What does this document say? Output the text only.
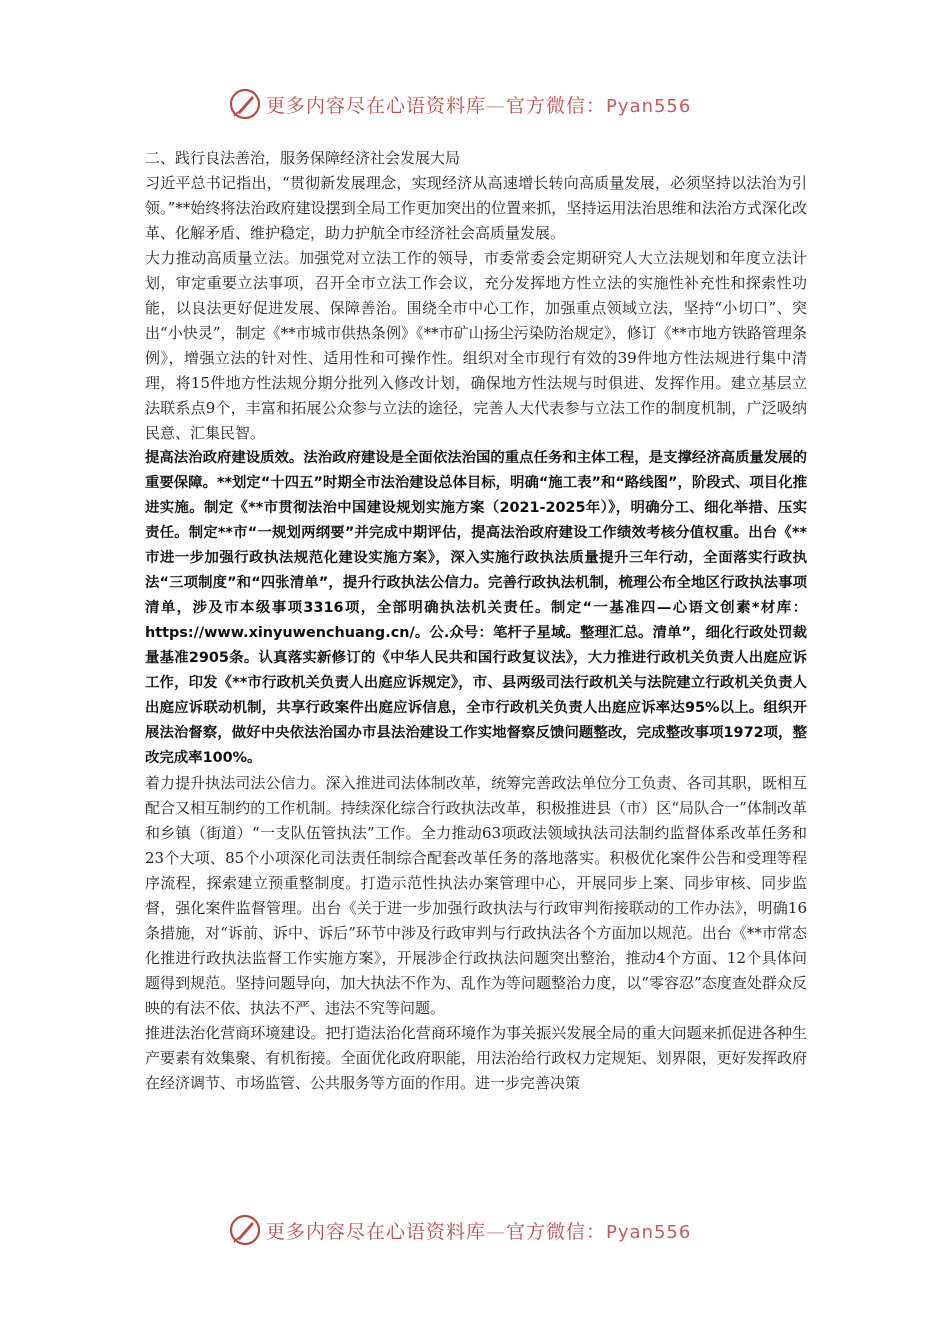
更多内容尽在心语资料库—官方微信：Pyan556

二、践行良法善治，服务保障经济社会发展大局

习近平总书记指出，“贯彻新发展理念，实现经济从高速增长转向高质量发展，必须坚持以法治为引领。”**始终将法治政府建设摆到全局工作更加突出的位置来抓，坚持运用法治思维和法治方式深化改革、化解矛盾、维护稳定，助力护航全市经济社会高质量发展。

大力推动高质量立法。加强党对立法工作的领导，市委常委会定期研究人大立法规划和年度立法计划，审定重要立法事项，召开全市立法工作会议，充分发挥地方性立法的实施性补充性和探索性功能，以良法更好促进发展、保障善治。围绕全市中心工作，加强重点领域立法，坚持“小切口”、突出“小快灵”，制定《**市城市供热条例》《**市矿山扬尘污染防治规定》，修订《**市地方铁路管理条例》，增强立法的针对性、适用性和可操作性。组织对全市现行有效的39件地方性法规进行集中清理，将15件地方性法规分期分批列入修改计划，确保地方性法规与时俱进、发挥作用。建立基层立法联系点9个，丰富和拓展公众参与立法的途径，完善人大代表参与立法工作的制度机制，广泛吸纳民意、汇集民智。

提高法治政府建设质效。法治政府建设是全面依法治国的重点任务和主体工程，是支撑经济高质量发展的重要保障。**划定“十四五”时期全市法治建设总体目标，明确“施工表”和“路线图”，阶段式、项目化推进实施。制定《**市贯彻法治中国建设规划实施方案（2021-2025年）》，明确分工、细化举措、压实责任。制定**市“一规划两纲要”并完成中期评估，提高法治政府建设工作绩效考核分值权重。出台《**市进一步加强行政执法规范化建设实施方案》，深入实施行政执法质量提升三年行动，全面落实行政执法“三项制度”和“四张清单”，提升行政执法公信力。完善行政执法机制，梳理公布全地区行政执法事项清单，涉及市本级事项3316项，全部明确执法机关责任。制定“一基准四—心语文创素*材库：https://www.xinyuwenchuang.cn/。公.众号：笔杆子星域。整理汇总。清单”，细化行政处罚裁量基准2905条。认真落实新修订的《中华人民共和国行政复议法》，大力推进行政机关负责人出庭应诉工作，印发《**市行政机关负责人出庭应诉规定》，市、县两级司法行政机关与法院建立行政机关负责人出庭应诉联动机制，共享行政案件出庭应诉信息，全市行政机关负责人出庭应诉率达95%以上。组织开展法治督察，做好中央依法治国办市县法治建设工作实地督察反馈问题整改，完成整改事项1972项，整改完成率100%。

着力提升执法司法公信力。深入推进司法体制改革，统筹完善政法单位分工负责、各司其职，既相互配合又相互制约的工作机制。持续深化综合行政执法改革，积极推进县（市）区“局队合一”体制改革和乡镇（街道）“一支队伍管执法”工作。全力推动63项政法领域执法司法制约监督体系改革任务和23个大项、85个小项深化司法责任制综合配套改革任务的落地落实。积极优化案件公告和受理等程序流程，探索建立预重整制度。打造示范性执法办案管理中心，开展同步上案、同步审核、同步监督，强化案件监督管理。出台《关于进一步加强行政执法与行政审判衔接联动的工作办法》，明确16条措施，对“诉前、诉中、诉后”环节中涉及行政审判与行政执法各个方面加以规范。出台《**市常态化推进行政执法监督工作实施方案》，开展涉企行政执法问题突出整治，推动4个方面、12个具体问题得到规范。坚持问题导向，加大执法不作为、乱作为等问题整治力度，以“零容忍”态度查处群众反映的有法不依、执法不严、违法不究等问题。

推进法治化营商环境建设。把打造法治化营商环境作为事关振兴发展全局的重大问题来抓促进各种生产要素有效集聚、有机衔接。全面优化政府职能，用法治给行政权力定规矩、划界限，更好发挥政府在经济调节、市场监管、公共服务等方面的作用。进一步完善决策

更多内容尽在心语资料库—官方微信：Pyan556
